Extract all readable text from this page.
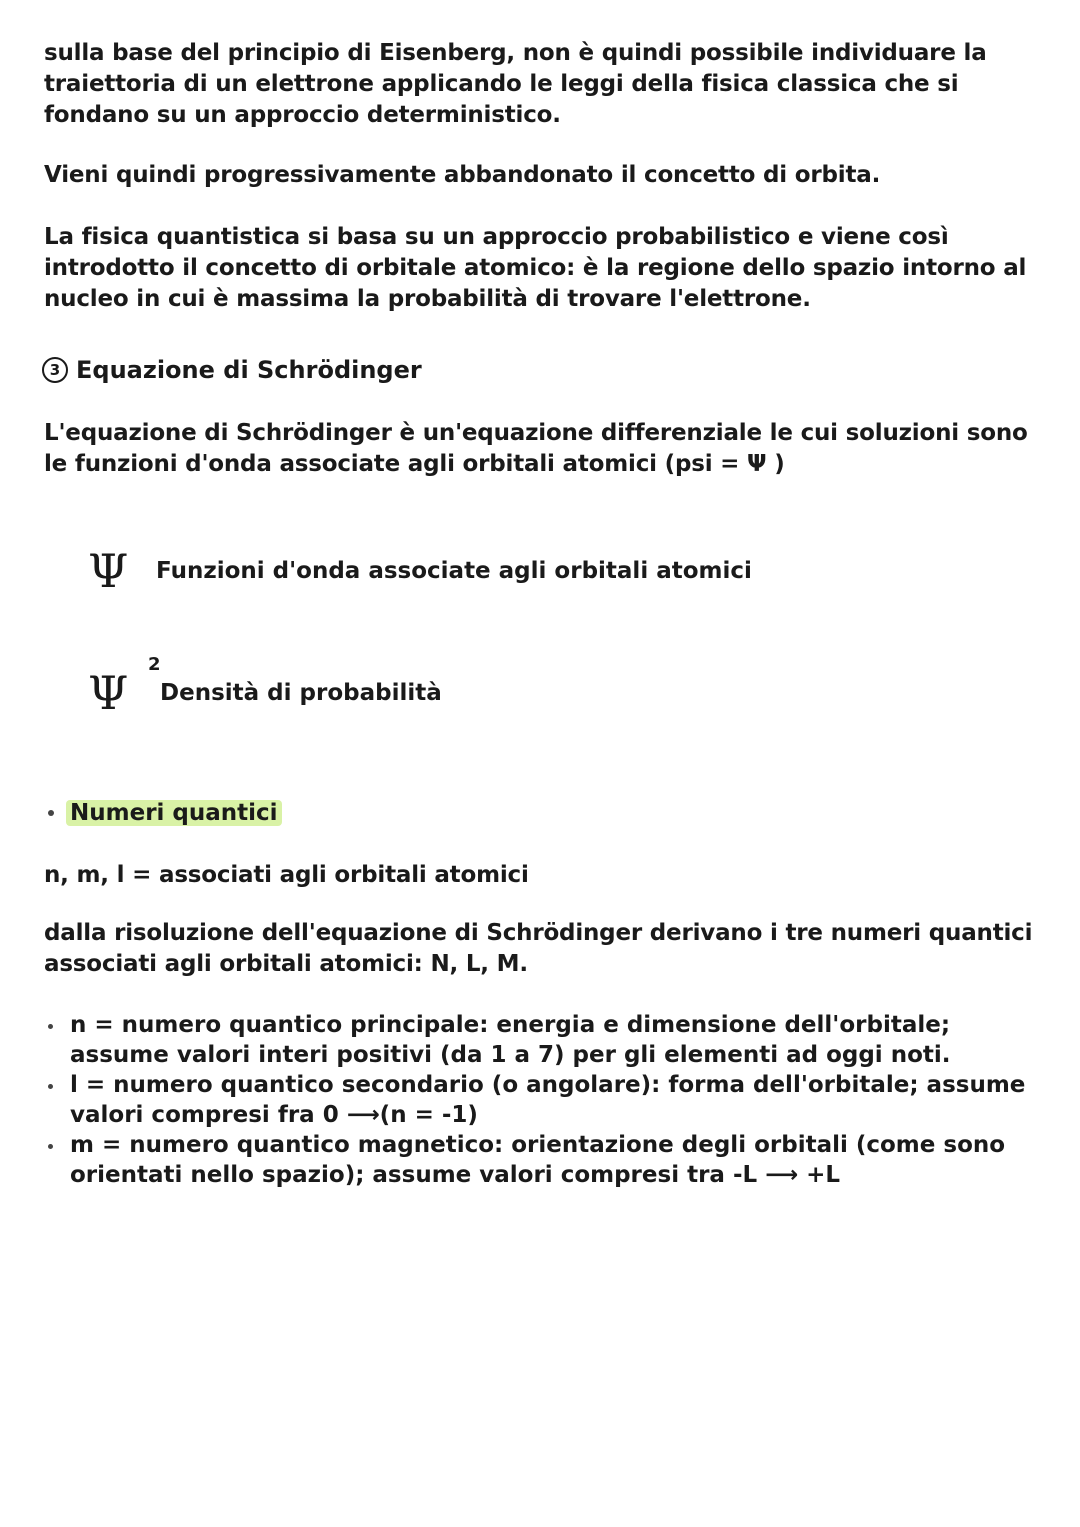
sulla base del principio di Eisenberg, non è quindi possibile individuare la traiettoria di un elettrone applicando le leggi della fisica classica che si fondano su un approccio deterministico.

Vieni quindi progressivamente abbandonato il concetto di orbita.

La fisica quantistica si basa su un approccio probabilistico e viene così introdotto il concetto di orbitale atomico: è la regione dello spazio intorno al nucleo in cui è massima la probabilità di trovare l'elettrone.

3 Equazione di Schrödinger

L'equazione di Schrödinger è un'equazione differenziale le cui soluzioni sono le funzioni d'onda associate agli orbitali atomici (psi = Ψ )

Ψ	Funzioni d'onda associate agli orbitali atomici
Ψ
2
Densità di probabilità
Numeri quantici

n, m, l = associati agli orbitali atomici

dalla risoluzione dell'equazione di Schrödinger derivano i tre numeri quantici associati agli orbitali atomici: N, L, M.

n = numero quantico principale: energia e dimensione dell'orbitale; assume valori interi positivi (da 1 a 7) per gli elementi ad oggi noti.
l = numero quantico secondario (o angolare): forma dell'orbitale; assume valori compresi fra 0 ⟶(n = -1)
m = numero quantico magnetico: orientazione degli orbitali (come sono orientati nello spazio); assume valori compresi tra -L ⟶ +L
